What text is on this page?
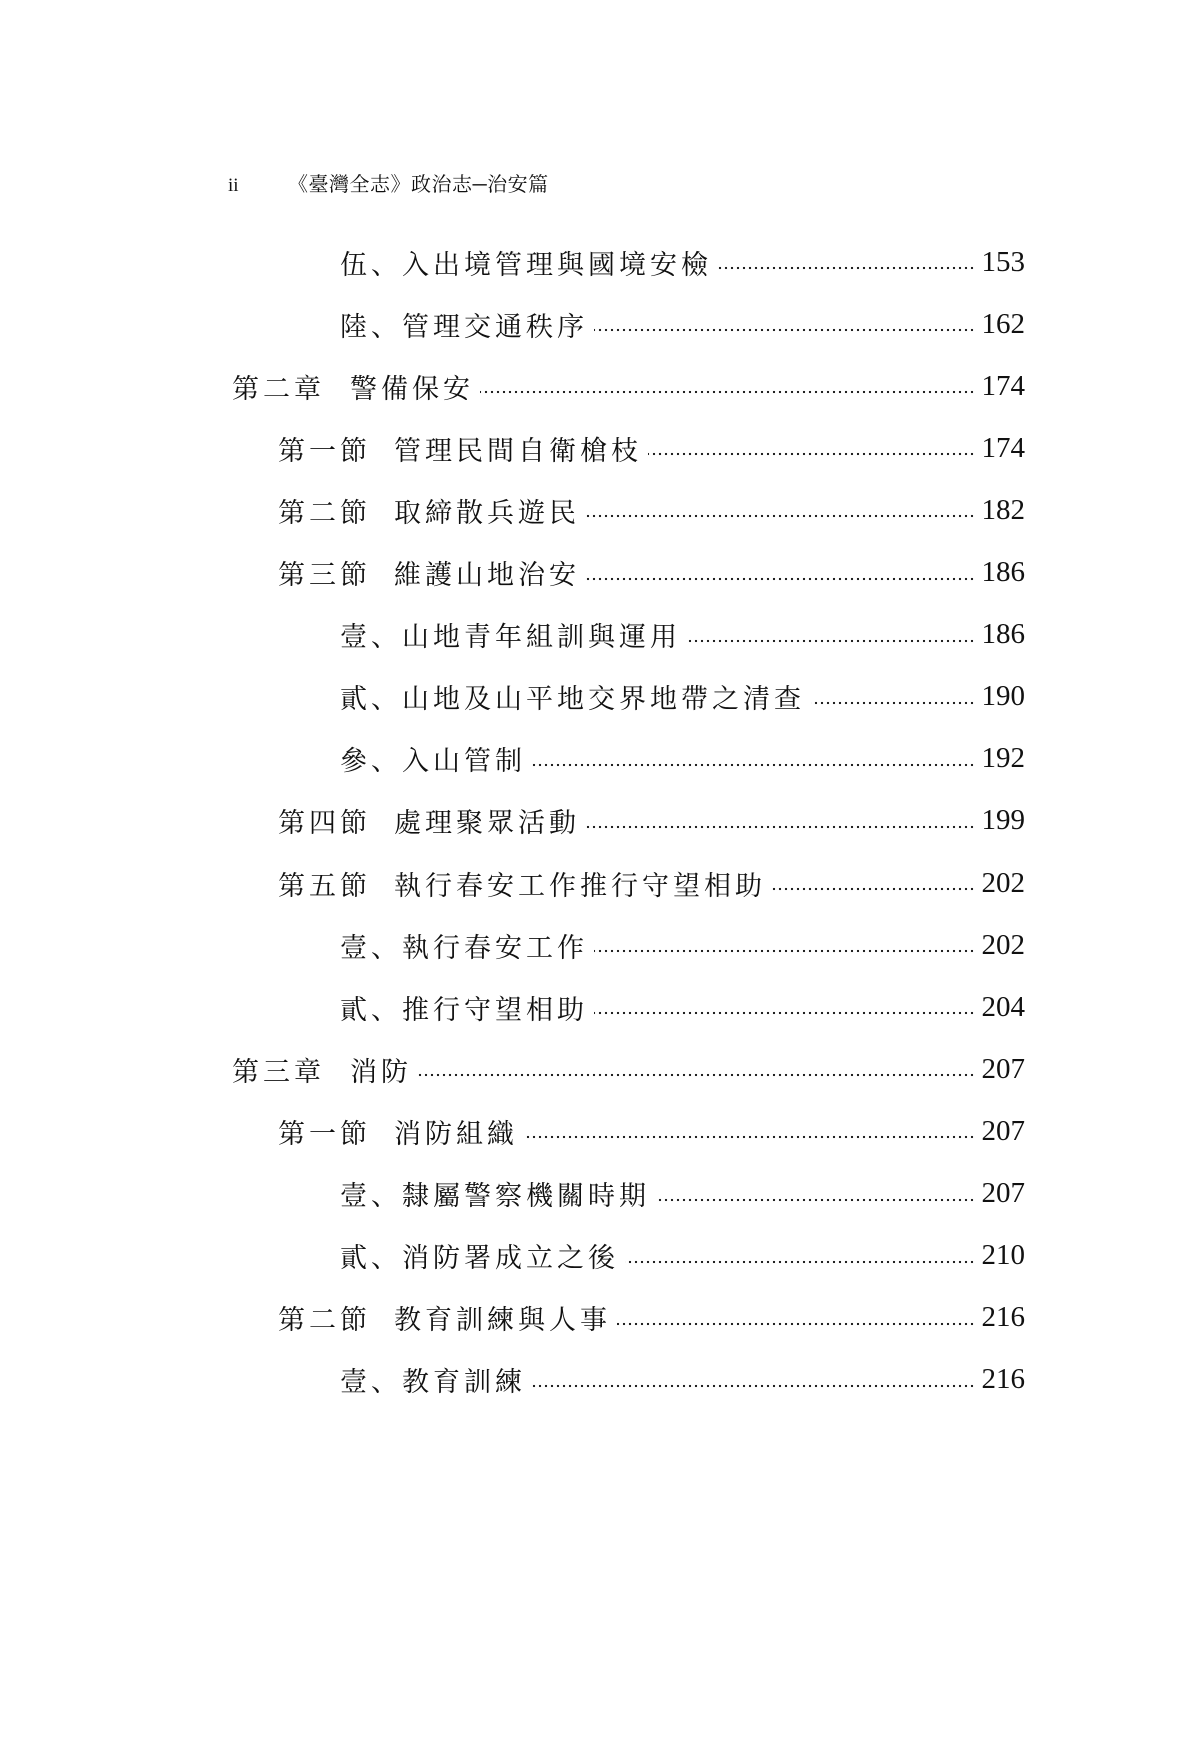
ii	《臺灣全志》政治志─治安篇
伍、入出境管理與國境安檢	153
陸、管理交通秩序	162
第二章 警備保安	174
第一節 管理民間自衛槍枝	174
第二節 取締散兵遊民	182
第三節 維護山地治安	186
壹、山地青年組訓與運用	186
貳、山地及山平地交界地帶之清查	190
參、入山管制	192
第四節 處理聚眾活動	199
第五節 執行春安工作推行守望相助	202
壹、執行春安工作	202
貳、推行守望相助	204
第三章 消防	207
第一節 消防組織	207
壹、隸屬警察機關時期	207
貳、消防署成立之後	210
第二節 教育訓練與人事	216
壹、教育訓練	216
